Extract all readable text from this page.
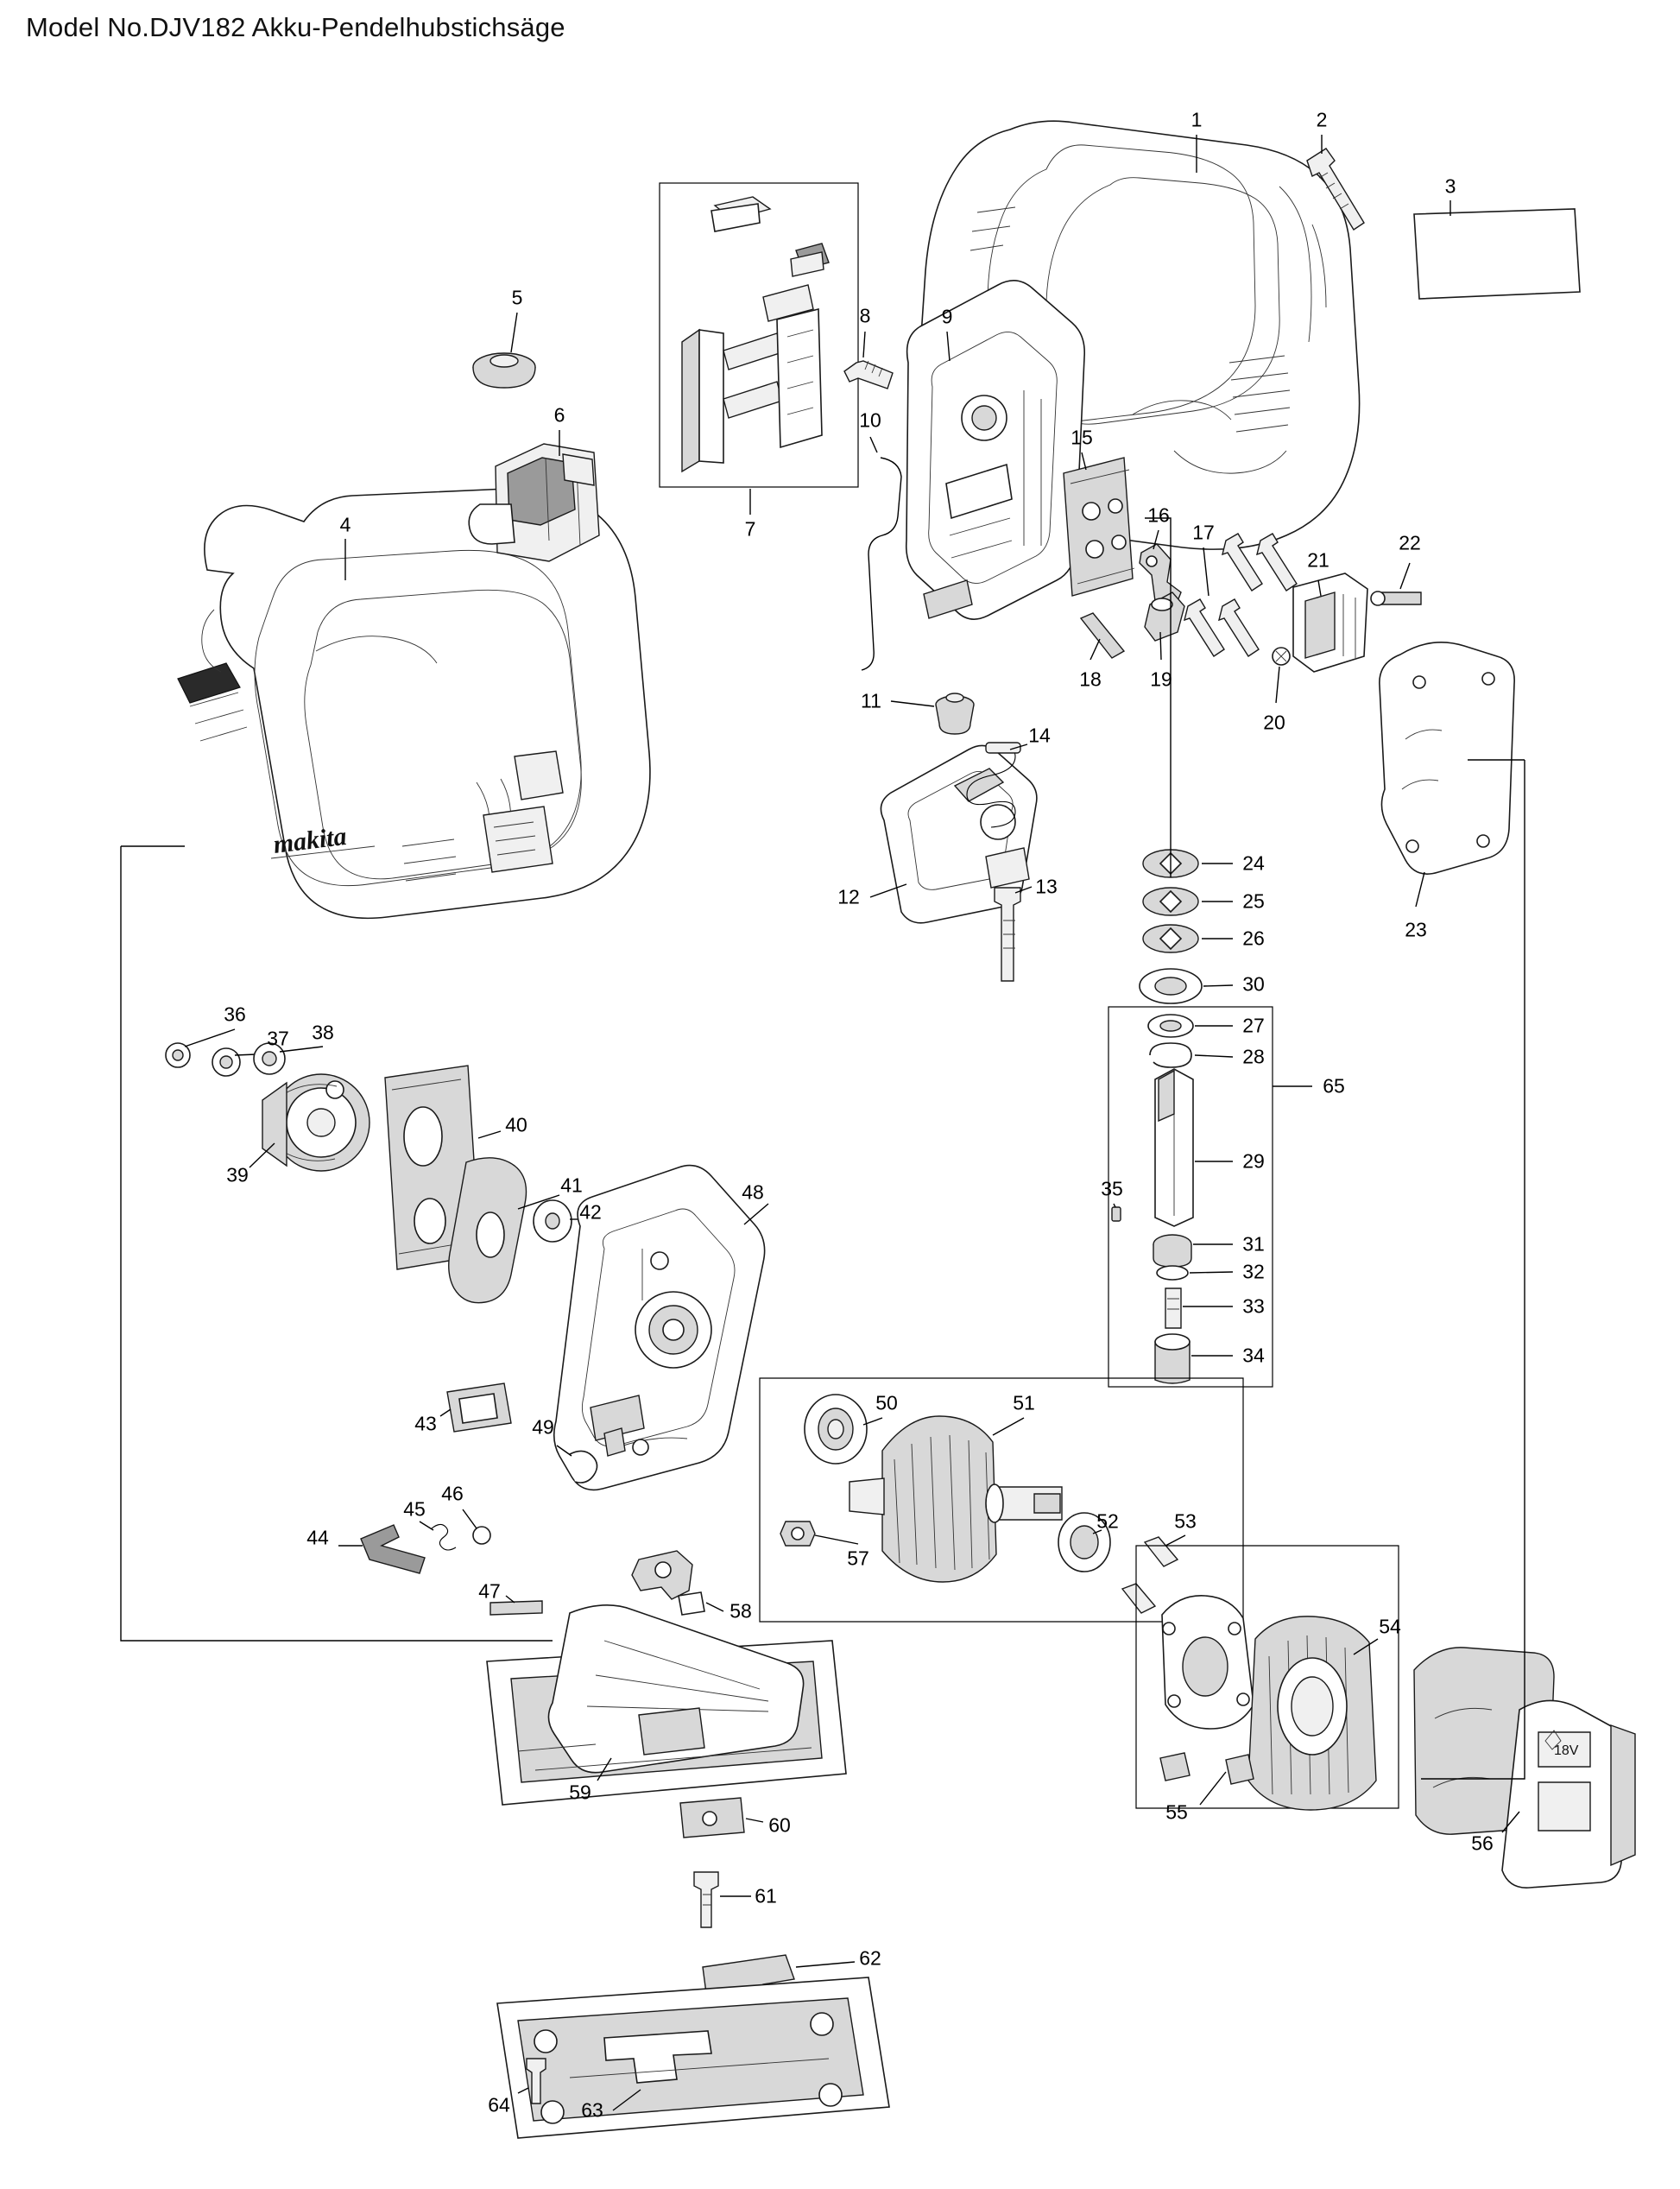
Model No.DJV182 Akku-Pendelhubstichsäge
makita
18V
1	2
3
4
5
6
7
8	9
10
11
12	13
14
15
16
17
18 19
20
21
22
23
24
25
26
27
28
29
30
31
32
33
34
35
36
37 38
39
40
41
42
43
44
45
46
47
48
49
50	51
52	53
54
55
56
57
58
59
60
61
62
63
64
65
